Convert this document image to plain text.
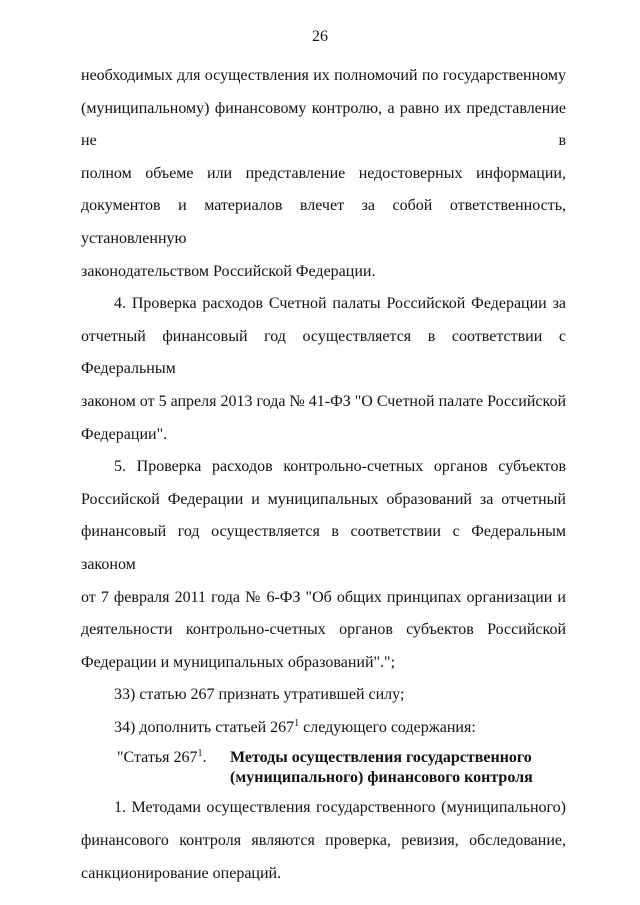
26
необходимых для осуществления их полномочий по государственному
(муниципальному) финансовому контролю, а равно их представление не в
полном объеме или представление недостоверных информации,
документов и материалов влечет за собой ответственность, установленную
законодательством Российской Федерации.
4. Проверка расходов Счетной палаты Российской Федерации за
отчетный финансовый год осуществляется в соответствии с Федеральным
законом от 5 апреля 2013 года № 41-ФЗ "О Счетной палате Российской
Федерации".
5. Проверка расходов контрольно-счетных органов субъектов
Российской Федерации и муниципальных образований за отчетный
финансовый год осуществляется в соответствии с Федеральным законом
от 7 февраля 2011 года № 6-ФЗ "Об общих принципах организации и
деятельности контрольно-счетных органов субъектов Российской
Федерации и муниципальных образований".";
33) статью 267 признать утратившей силу;
34) дополнить статьей $267^1$ следующего содержания:
"Статья $267^1$. Методы осуществления государственного
(муниципального) финансового контроля
1. Методами осуществления государственного (муниципального)
финансового контроля являются проверка, ревизия, обследование,
санкционирование операций.
